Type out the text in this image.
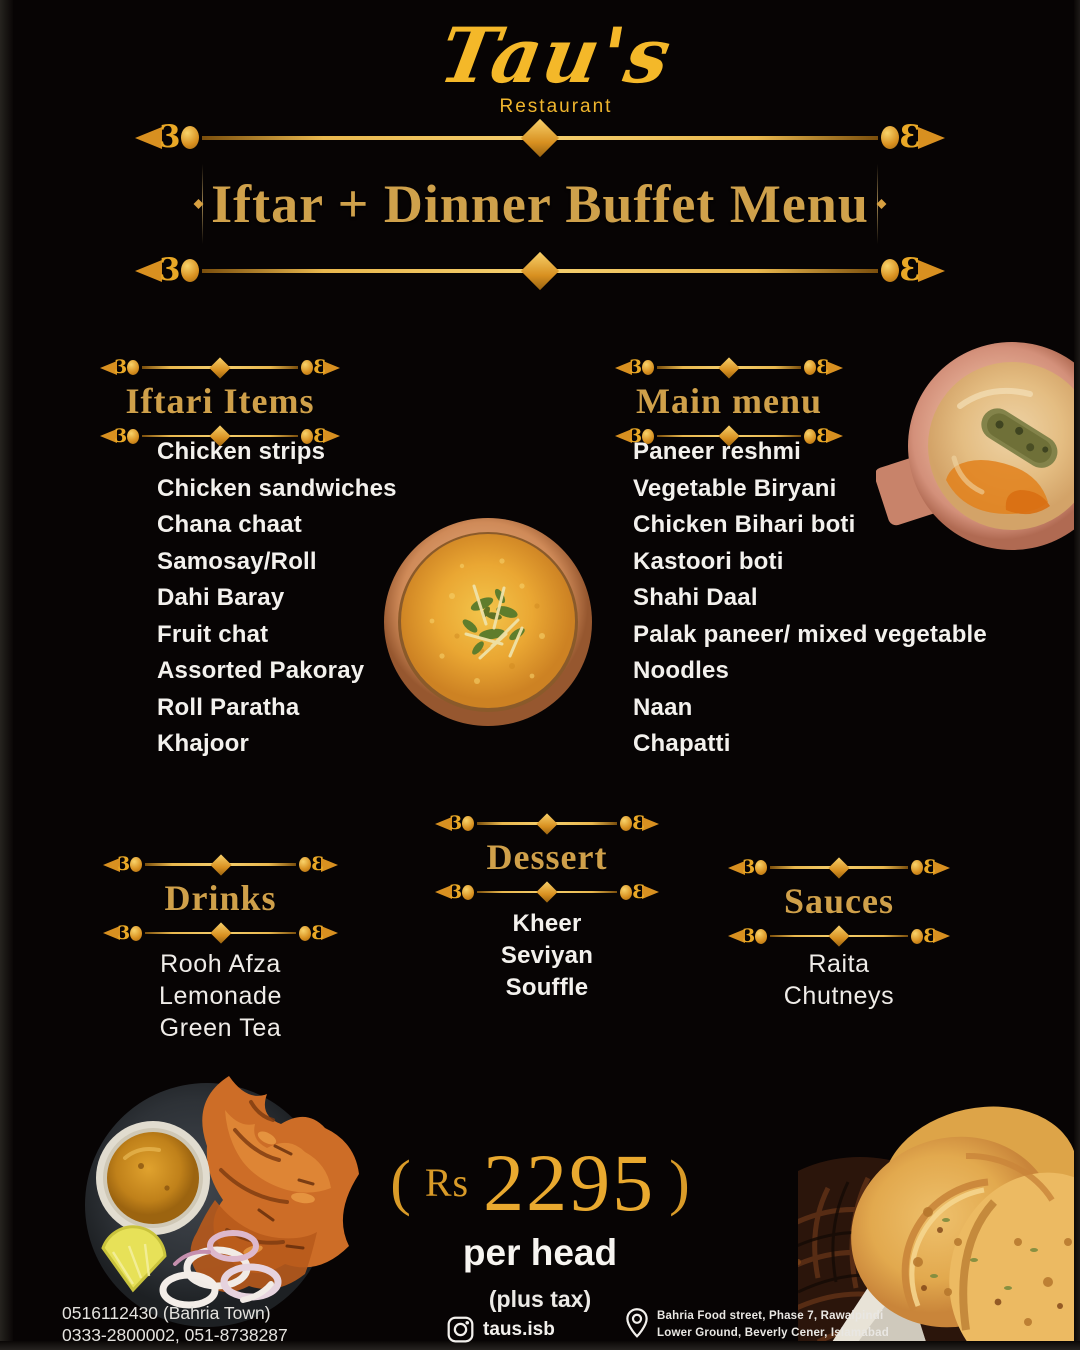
Tau's
Restaurant
3
3
Iftar + Dinner Buffet Menu
3
3
3
3
Iftari Items
3
3
Chicken strips
Chicken sandwiches
Chana chaat
Samosay/Roll
Dahi Baray
Fruit chat
Assorted Pakoray
Roll Paratha
Khajoor
3
3
Main menu
3
3
Paneer reshmi
Vegetable Biryani
Chicken Bihari boti
Kastoori boti
Shahi Daal
Palak paneer/ mixed vegetable
Noodles
Naan
Chapatti
3
3
Dessert
3
3
Kheer
Seviyan
Souffle
3
3
Drinks
3
3
Rooh Afza
Lemonade
Green Tea
3
3
Sauces
3
3
Raita
Chutneys
( Rs 2295 )
per head
(plus tax)
0516112430 (Bahria Town)
0333-2800002, 051-8738287	taus.isb
Bahria Food street, Phase 7, Rawalpindi
Lower Ground, Beverly Cener, Islamabad
